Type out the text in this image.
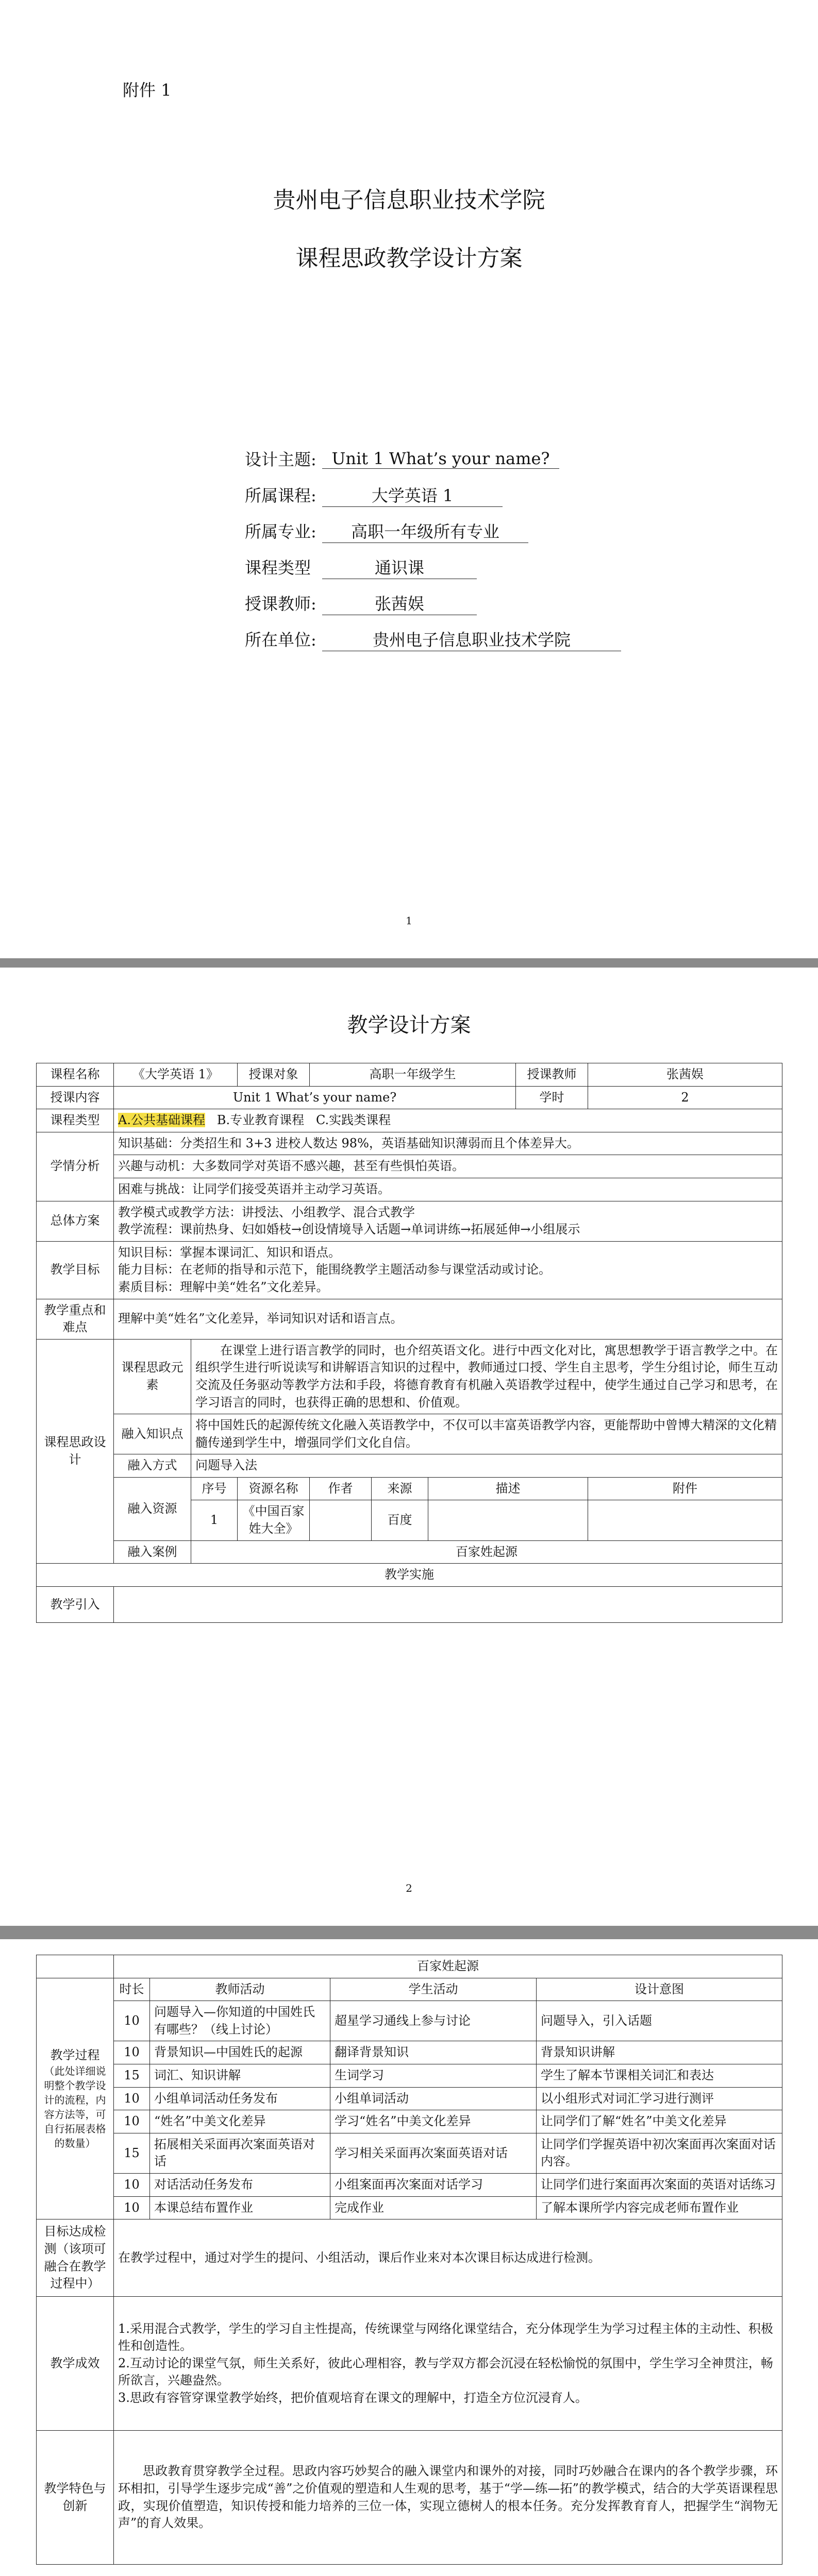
附件 1
贵州电子信息职业技术学院
课程思政教学设计方案
设计主题: Unit 1 What’s your name?
所属课程:	大学英语 1
所属专业:	高职一年级所有专业
课程类型	通识课
授课教师:	张茜娱
所在单位:	贵州电子信息职业技术学院
1
教学设计方案
课程名称	《大学英语 1》		授课对象	高职一年级学生			授课教师	张茜娱
授课内容	Unit 1 What’s your name?						学时	2
课程类型	A.公共基础课程 B.专业教育课程 C.实践类课程							
学情分析	知识基础：分类招生和 3+3 进校人数达 98%，英语基础知识薄弱而且个体差异大。							
	兴趣与动机：大多数同学对英语不感兴趣，甚至有些惧怕英语。							
	困难与挑战：让同学们接受英语并主动学习英语。							
总体方案	教学模式或教学方法：讲授法、小组教学、混合式教学
教学流程：课前热身、妇如婚枝→创设情境导入话题→单词讲练→拓展延伸→小组展示							

教学目标	知识目标：掌握本课词汇、知识和语点。
能力目标：在老师的指导和示范下，能围绕教学主题活动参与课堂活动或讨论。
素质目标：理解中美“姓名”文化差异。							

教学重点和难点	理解中美“姓名”文化差异，举词知识对话和语言点。							
课程思政设计	课程思政元素	在课堂上进行语言教学的同时，也介绍英语文化。进行中西文化对比，寓思想教学于语言教学之中。在组织学生进行听说读写和讲解语言知识的过程中，教师通过口授、学生自主思考，学生分组讨论，师生互动交流及任务驱动等教学方法和手段，将德育教育有机融入英语教学过程中，使学生通过自己学习和思考，在学习语言的同时，也获得正确的思想和、价值观。						

	融入知识点	将中国姓氏的起源传统文化融入英语教学中，不仅可以丰富英语教学内容，更能帮助中曾博大精深的文化精髓传递到学生中，增强同学们文化自信。						
	融入方式	问题导入法						
	融入资源	序号	资源名称	作者	来源	描述		附件
		1	《中国百家姓大全》		百度			
	融入案例	百家姓起源						
教学实施								
教学引入								
2
	百家姓起源			

教学过程
（此处详细说明整个教学设计的流程，内容方法等，可自行拓展表格的数量）	时长	教师活动	学生活动	设计意图
	10	问题导入—你知道的中国姓氏有哪些？（线上讨论）	超星学习通线上参与讨论	问题导入，引入话题
	10	背景知识—中国姓氏的起源	翻译背景知识	背景知识讲解
	15	词汇、知识讲解	生词学习	学生了解本节课相关词汇和表达
	10	小组单词活动任务发布	小组单词活动	以小组形式对词汇学习进行测评
	10	“姓名”中美文化差异	学习“姓名”中美文化差异	让同学们了解“姓名”中美文化差异
	15	拓展相关采面再次案面英语对话	学习相关采面再次案面英语对话	让同学们学握英语中初次案面再次案面对话内容。
	10	对话活动任务发布	小组案面再次案面对话学习	让同学们进行案面再次案面的英语对话练习
	10	本课总结布置作业	完成作业	了解本课所学内容完成老师布置作业
目标达成检测（该项可融合在教学过程中）	在教学过程中，通过对学生的提问、小组活动，课后作业来对本次课目标达成进行检测。			
教学成效	1.采用混合式教学，学生的学习自主性提高，传统课堂与网络化课堂结合，充分体现学生为学习过程主体的主动性、积极性和创造性。
2.互动讨论的课堂气氛，师生关系好，彼此心理相容，教与学双方都会沉浸在轻松愉悦的氛围中，学生学习全神贯注，畅所欲言，兴趣盎然。
3.思政有容管穿课堂教学始终，把价值观培育在课文的理解中，打造全方位沉浸育人。			

教学特色与创新	思政教育贯穿教学全过程。思政内容巧妙契合的融入课堂内和课外的对接，同时巧妙融合在课内的各个教学步骤，环环相扣，引导学生逐步完成“善”之价值观的塑造和人生观的思考，基于“学—练—拓”的教学模式，结合的大学英语课程思政，实现价值塑造，知识传授和能力培养的三位一体，实现立德树人的根本任务。充分发挥教育育人，把握学生“润物无声”的育人效果。			
